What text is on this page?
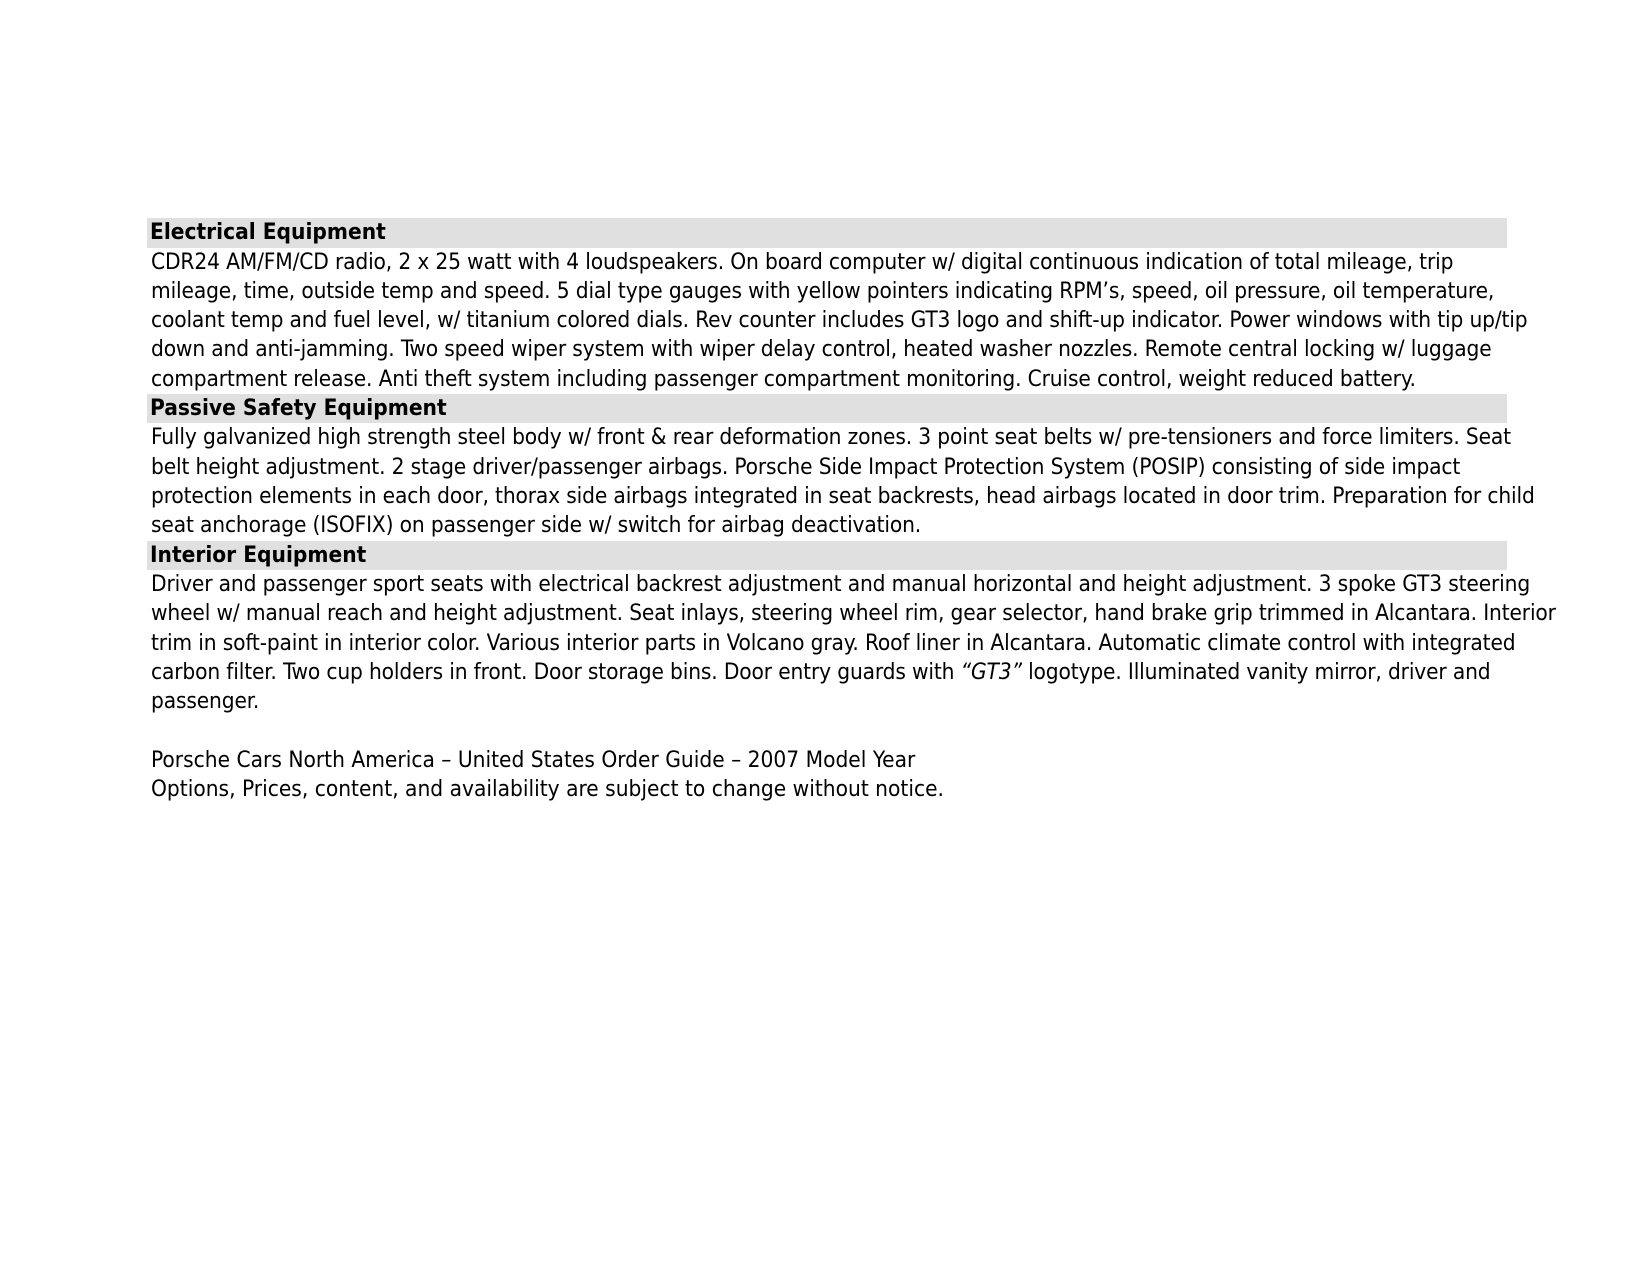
Electrical Equipment
CDR24 AM/FM/CD radio, 2 x 25 watt with 4 loudspeakers. On board computer w/ digital continuous indication of total mileage, trip
mileage, time, outside temp and speed. 5 dial type gauges with yellow pointers indicating RPM’s, speed, oil pressure, oil temperature,
coolant temp and fuel level, w/ titanium colored dials. Rev counter includes GT3 logo and shift-up indicator. Power windows with tip up/tip
down and anti-jamming. Two speed wiper system with wiper delay control, heated washer nozzles. Remote central locking w/ luggage
compartment release. Anti theft system including passenger compartment monitoring. Cruise control, weight reduced battery.
Passive Safety Equipment
Fully galvanized high strength steel body w/ front & rear deformation zones. 3 point seat belts w/ pre-tensioners and force limiters. Seat
belt height adjustment. 2 stage driver/passenger airbags. Porsche Side Impact Protection System (POSIP) consisting of side impact
protection elements in each door, thorax side airbags integrated in seat backrests, head airbags located in door trim. Preparation for child
seat anchorage (ISOFIX) on passenger side w/ switch for airbag deactivation.
Interior Equipment
Driver and passenger sport seats with electrical backrest adjustment and manual horizontal and height adjustment. 3 spoke GT3 steering
wheel w/ manual reach and height adjustment. Seat inlays, steering wheel rim, gear selector, hand brake grip trimmed in Alcantara. Interior
trim in soft-paint in interior color. Various interior parts in Volcano gray. Roof liner in Alcantara. Automatic climate control with integrated
carbon filter. Two cup holders in front. Door storage bins. Door entry guards with “GT3” logotype. Illuminated vanity mirror, driver and
passenger.
Porsche Cars North America – United States Order Guide – 2007 Model Year
Options, Prices, content, and availability are subject to change without notice.
